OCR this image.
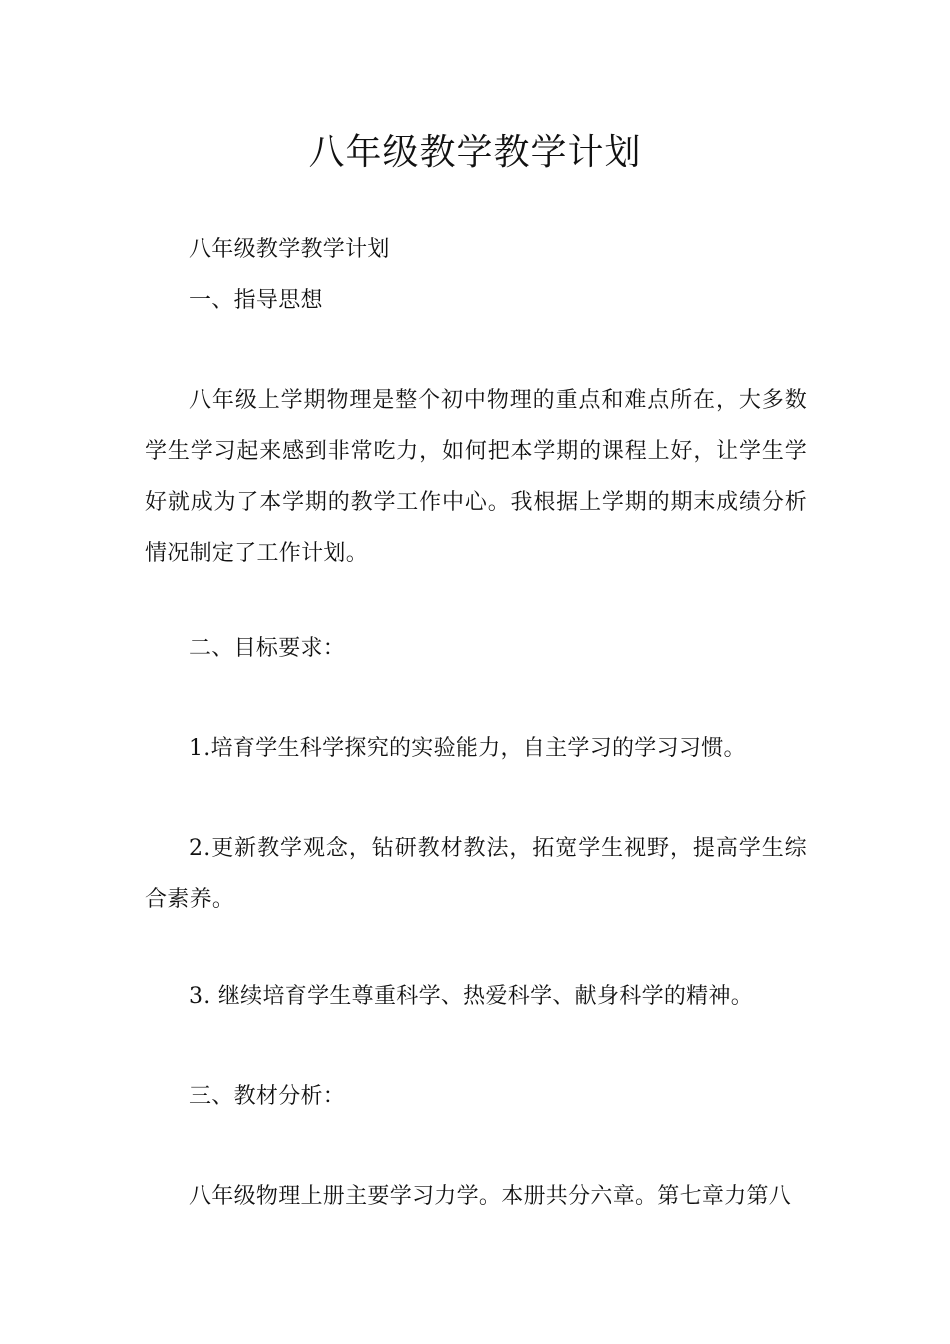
八年级教学教学计划

八年级教学教学计划

一、指导思想

八年级上学期物理是整个初中物理的重点和难点所在，大多数学生学习起来感到非常吃力，如何把本学期的课程上好，让学生学好就成为了本学期的教学工作中心。我根据上学期的期末成绩分析情况制定了工作计划。

二、目标要求：

1.培育学生科学探究的实验能力，自主学习的学习习惯。

2.更新教学观念，钻研教材教法，拓宽学生视野，提高学生综合素养。

3. 继续培育学生尊重科学、热爱科学、献身科学的精神。

三、教材分析：

八年级物理上册主要学习力学。本册共分六章。第七章力第八
